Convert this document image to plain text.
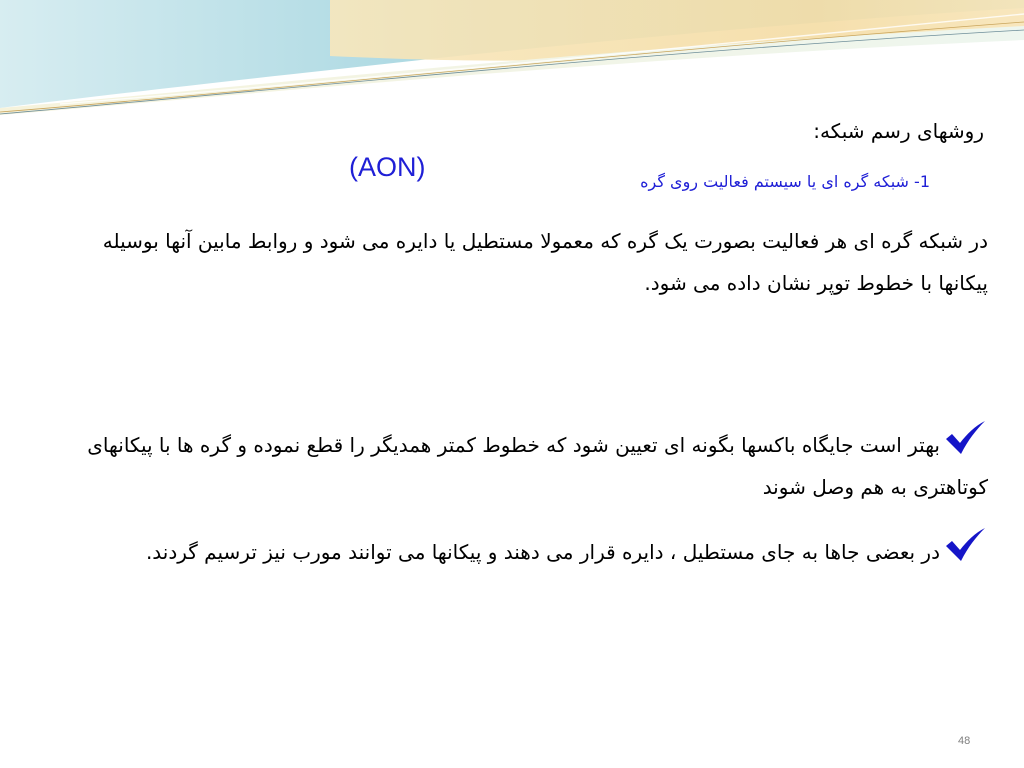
روشهای رسم شبکه:
(AON)	1- شبکه گره ای یا سیستم فعالیت روی گره
در شبکه گره ای هر فعالیت بصورت یک گره که معمولا مستطیل یا دایره می شود و روابط مابین آنها بوسیله پیکانها با خطوط توپر نشان داده می شود.
بهتر است جایگاه باکسها بگونه ای تعیین شود که خطوط کمتر همدیگر را قطع نموده و گره ها با پیکانهای کوتاهتری به هم وصل شوند
در بعضی جاها به جای مستطیل ، دایره قرار می دهند و پیکانها می توانند مورب نیز ترسیم گردند.
48
